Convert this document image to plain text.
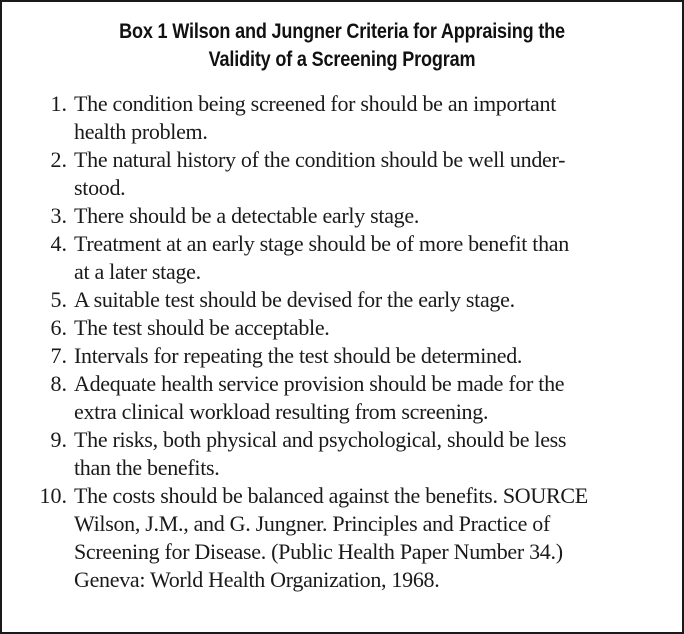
Box 1 Wilson and Jungner Criteria for Appraising the
Validity of a Screening Program
1. The condition being screened for should be an important
health problem.
2. The natural history of the condition should be well under-
stood.
3. There should be a detectable early stage.
4. Treatment at an early stage should be of more benefit than
at a later stage.
5. A suitable test should be devised for the early stage.
6. The test should be acceptable.
7. Intervals for repeating the test should be determined.
8. Adequate health service provision should be made for the
extra clinical workload resulting from screening.
9. The risks, both physical and psychological, should be less
than the benefits.
10. The costs should be balanced against the benefits. SOURCE
Wilson, J.M., and G. Jungner. Principles and Practice of
Screening for Disease. (Public Health Paper Number 34.)
Geneva: World Health Organization, 1968.
